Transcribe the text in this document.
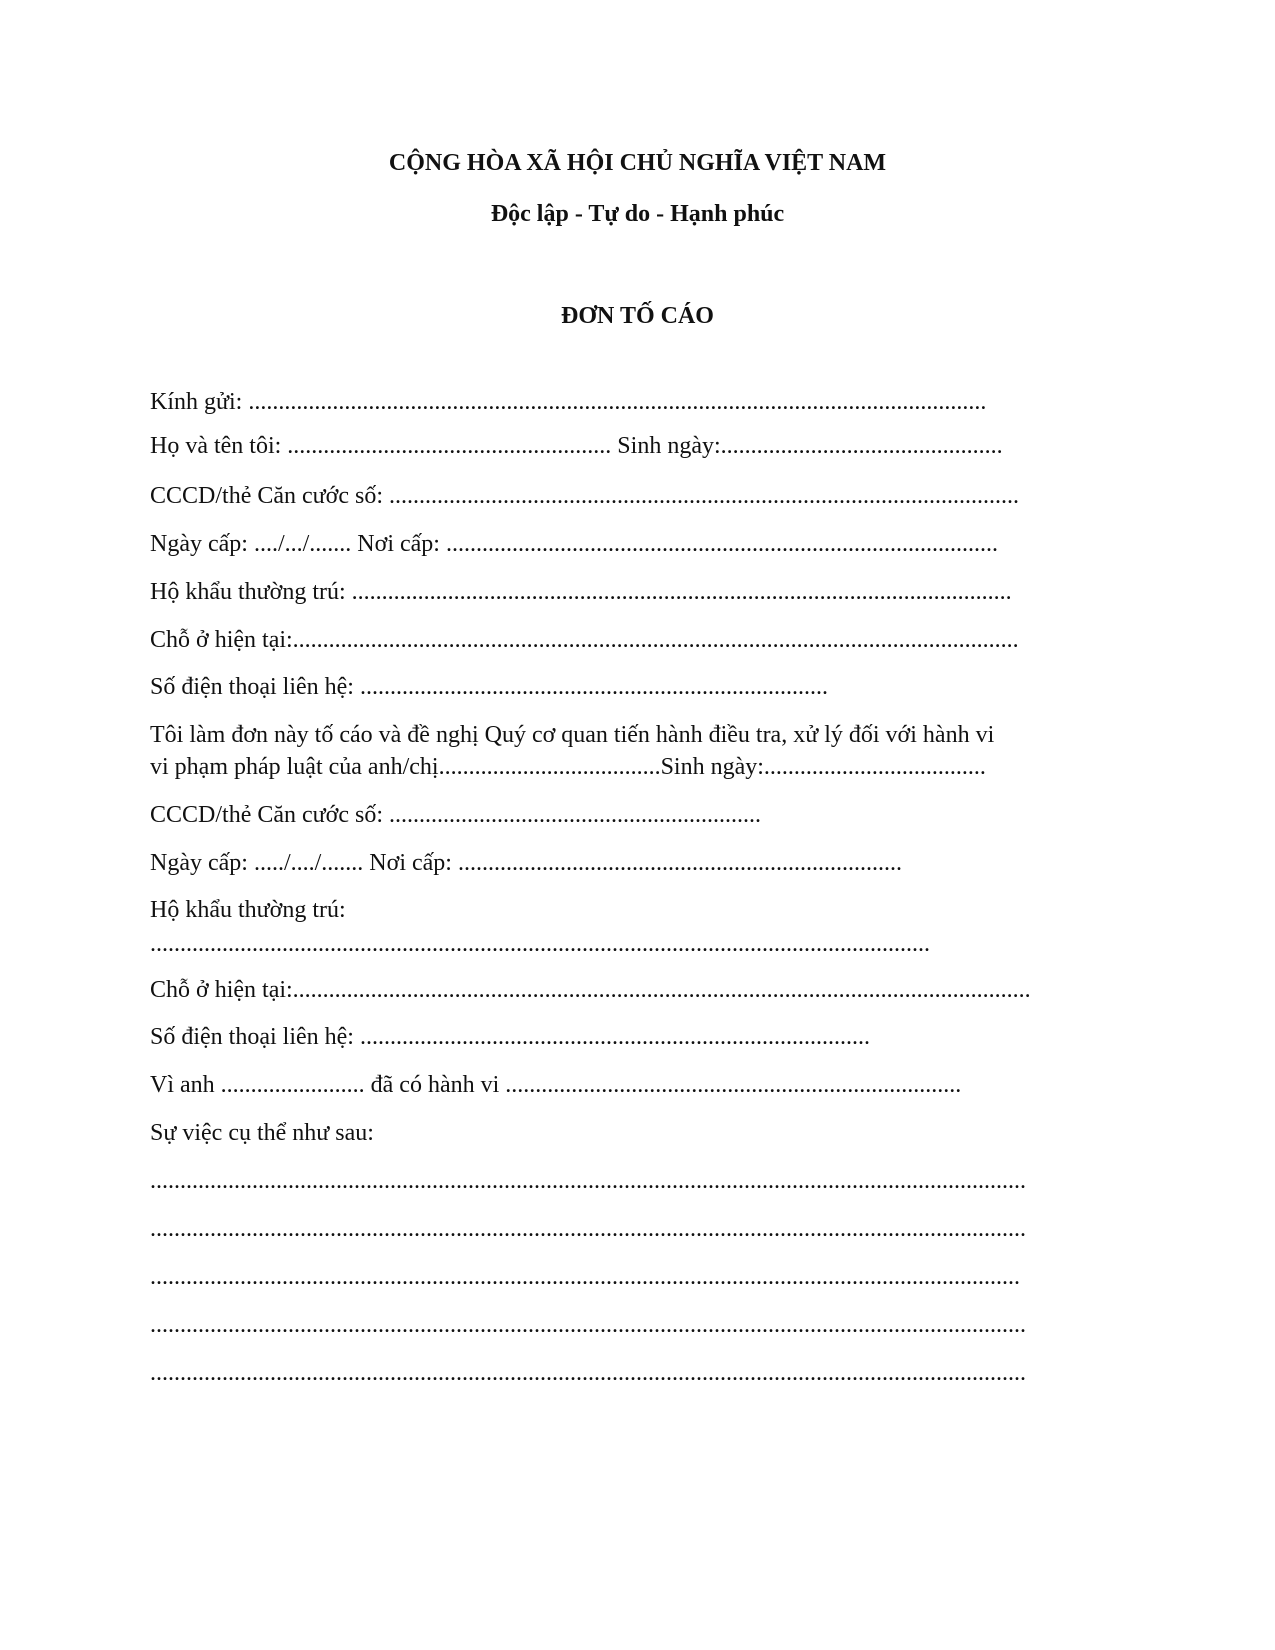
CỘNG HÒA XÃ HỘI CHỦ NGHĨA VIỆT NAM
Độc lập - Tự do - Hạnh phúc
ĐƠN TỐ CÁO
Kính gửi: ...........................................................................................................................
Họ và tên tôi: ...................................................... Sinh ngày:...............................................
CCCD/thẻ Căn cước số: .........................................................................................................
Ngày cấp: ..../.../....... Nơi cấp: ............................................................................................
Hộ khẩu thường trú: ..............................................................................................................
Chỗ ở hiện tại:.........................................................................................................................
Số điện thoại liên hệ: ..............................................................................
Tôi làm đơn này tố cáo và đề nghị Quý cơ quan tiến hành điều tra, xử lý đối với hành vi
vi phạm pháp luật của anh/chị.....................................Sinh ngày:.....................................
CCCD/thẻ Căn cước số: ..............................................................
Ngày cấp: ...../..../....... Nơi cấp: ..........................................................................
Hộ khẩu thường trú:
..................................................................................................................................
Chỗ ở hiện tại:...........................................................................................................................
Số điện thoại liên hệ: .....................................................................................
Vì anh ........................ đã có hành vi ............................................................................
Sự việc cụ thể như sau:
..................................................................................................................................................
..................................................................................................................................................
.................................................................................................................................................
..................................................................................................................................................
..................................................................................................................................................
